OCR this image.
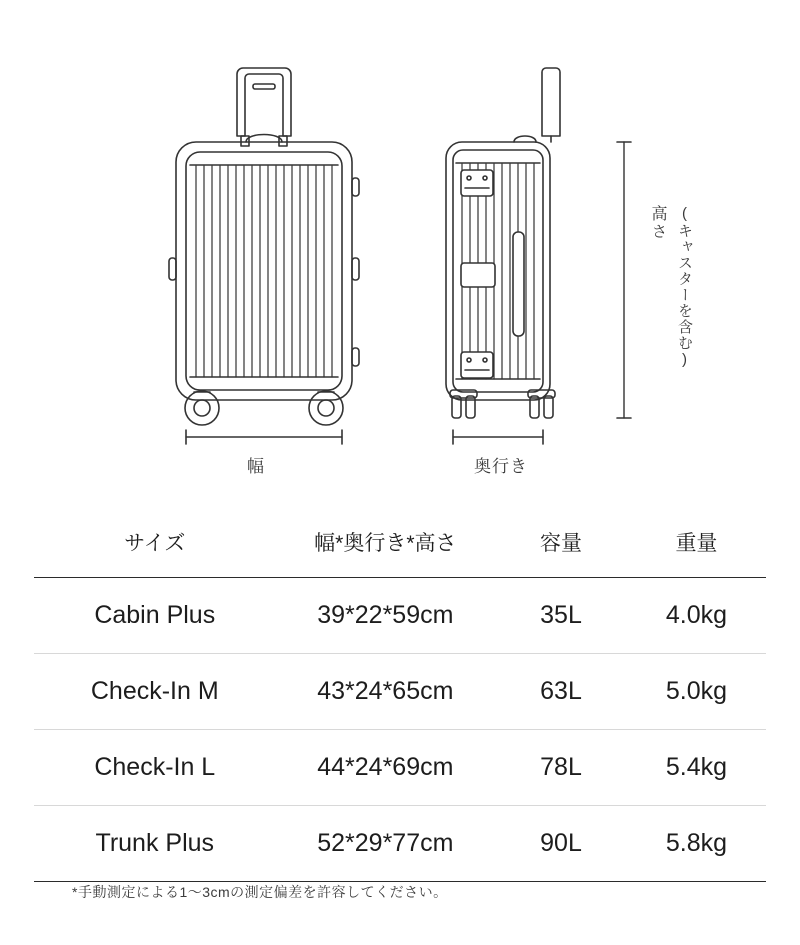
幅	奥行き
高さ (キャスターを含む)
サイズ	幅*奥行き*高さ	容量	重量
Cabin Plus	39*22*59cm	35L	4.0kg
Check-In M	43*24*65cm	63L	5.0kg
Check-In L	44*24*69cm	78L	5.4kg
Trunk Plus	52*29*77cm	90L	5.8kg
*手動測定による1〜3cmの測定偏差を許容してください。
